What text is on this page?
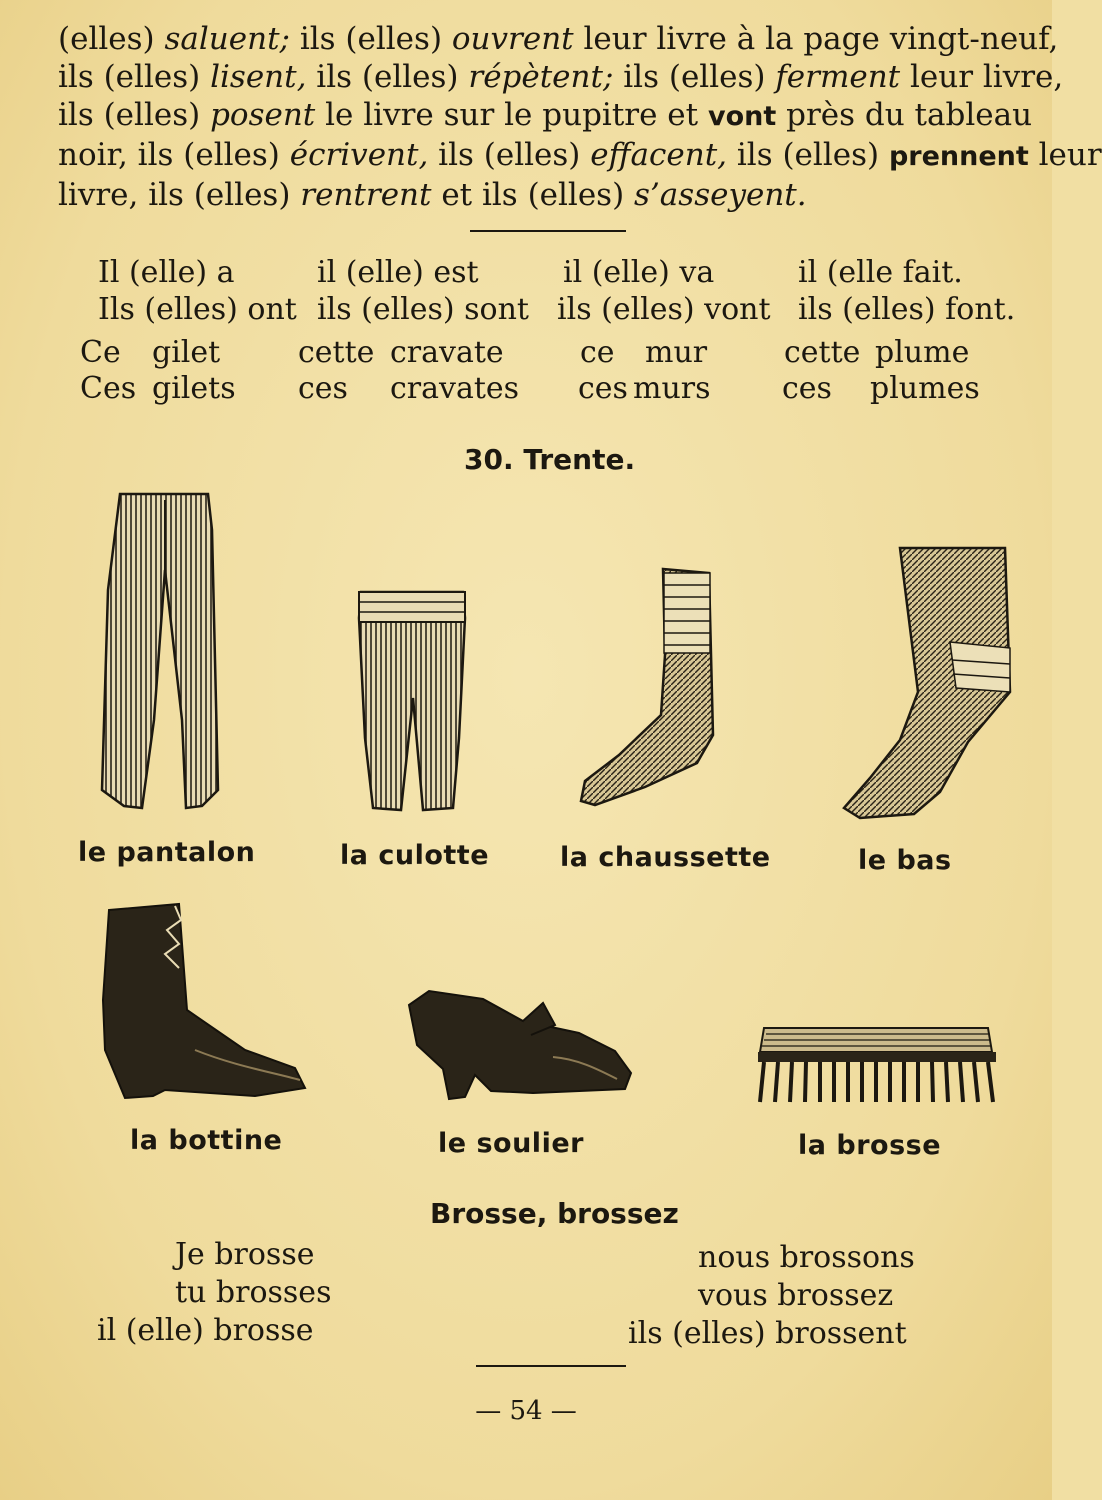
(elles) saluent; ils (elles) ouvrent leur livre à la page vingt-neuf,
ils (elles) lisent, ils (elles) répètent; ils (elles) ferment leur livre,
ils (elles) posent le livre sur le pupitre et vont près du tableau
noir, ils (elles) écrivent, ils (elles) effacent, ils (elles) prennent leur
livre, ils (elles) rentrent et ils (elles) s’asseyent.
Il (elle) a	il (elle) est	il (elle) va	il (elle fait.
Ils (elles) ont ils (elles) sont ils (elles) vont ils (elles) font.
Ce gilet	cette cravate	ce mur	cette plume
Ces gilets ces cravates ces murs ces plumes
30. Trente.
le pantalon	la culotte	la chaussette	le bas
la bottine	le soulier	la brosse
Brosse, brossez
Je brosse
tu brosses
il (elle) brosse
nous brossons
vous brossez
ils (elles) brossent
— 54 —
